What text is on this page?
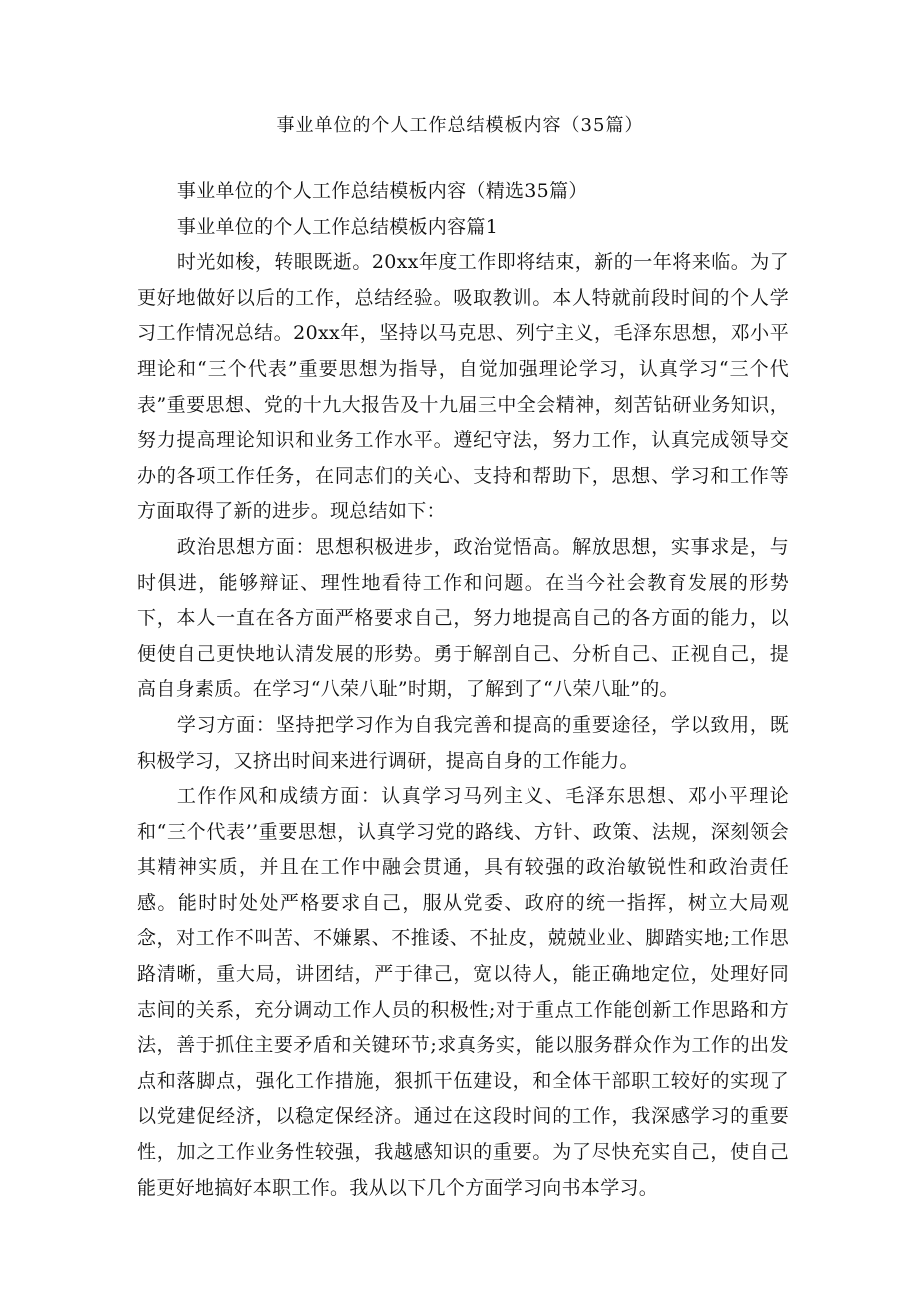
事业单位的个人工作总结模板内容（35篇）

事业单位的个人工作总结模板内容（精选35篇）

事业单位的个人工作总结模板内容篇1

时光如梭，转眼既逝。20xx年度工作即将结束，新的一年将来临。为了更好地做好以后的工作，总结经验。吸取教训。本人特就前段时间的个人学习工作情况总结。20xx年，坚持以马克思、列宁主义，毛泽东思想，邓小平理论和“三个代表”重要思想为指导，自觉加强理论学习，认真学习“三个代表”重要思想、党的十九大报告及十九届三中全会精神，刻苦钻研业务知识，努力提高理论知识和业务工作水平。遵纪守法，努力工作，认真完成领导交办的各项工作任务，在同志们的关心、支持和帮助下，思想、学习和工作等方面取得了新的进步。现总结如下：

政治思想方面：思想积极进步，政治觉悟高。解放思想，实事求是，与时俱进，能够辩证、理性地看待工作和问题。在当今社会教育发展的形势下，本人一直在各方面严格要求自己，努力地提高自己的各方面的能力，以便使自己更快地认清发展的形势。勇于解剖自己、分析自己、正视自己，提高自身素质。在学习“八荣八耻”时期，了解到了“八荣八耻”的。

学习方面：坚持把学习作为自我完善和提高的重要途径，学以致用，既积极学习，又挤出时间来进行调研，提高自身的工作能力。

工作作风和成绩方面：认真学习马列主义、毛泽东思想、邓小平理论和“三个代表’’重要思想，认真学习党的路线、方针、政策、法规，深刻领会其精神实质，并且在工作中融会贯通，具有较强的政治敏锐性和政治责任感。能时时处处严格要求自己，服从党委、政府的统一指挥，树立大局观念，对工作不叫苦、不嫌累、不推诿、不扯皮，兢兢业业、脚踏实地;工作思路清晰，重大局，讲团结，严于律己，宽以待人，能正确地定位，处理好同志间的关系，充分调动工作人员的积极性;对于重点工作能创新工作思路和方法，善于抓住主要矛盾和关键环节;求真务实，能以服务群众作为工作的出发点和落脚点，强化工作措施，狠抓干伍建设，和全体干部职工较好的实现了以党建促经济，以稳定保经济。通过在这段时间的工作，我深感学习的重要性，加之工作业务性较强，我越感知识的重要。为了尽快充实自己，使自己能更好地搞好本职工作。我从以下几个方面学习向书本学习。
